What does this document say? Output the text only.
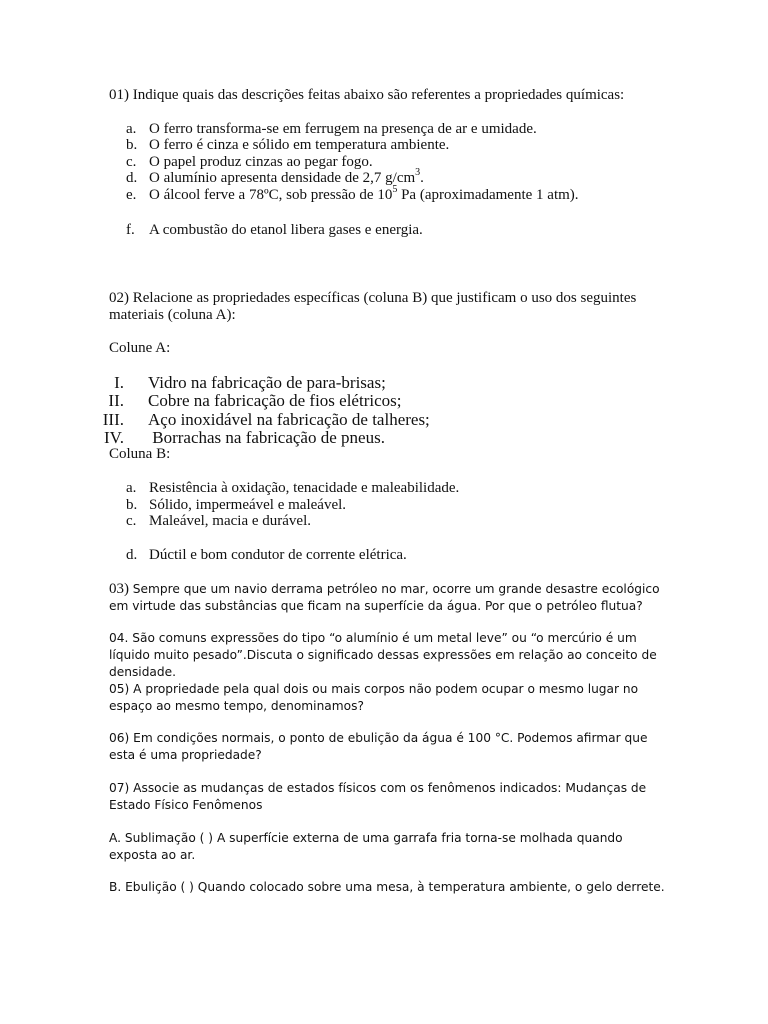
01) Indique quais das descrições feitas abaixo são referentes a propriedades químicas:
a. O ferro transforma-se em ferrugem na presença de ar e umidade.
b. O ferro é cinza e sólido em temperatura ambiente.
c. O papel produz cinzas ao pegar fogo.
d. O alumínio apresenta densidade de 2,7 $g/cm^3$.
e. O álcool ferve a 78ºC, sob pressão de $10^5$ Pa (aproximadamente 1 atm).
f. A combustão do etanol libera gases e energia.
02) Relacione as propriedades específicas (coluna B) que justificam o uso dos seguintes materiais (coluna A):
Colune A:
I. Vidro na fabricação de para-brisas;
II. Cobre na fabricação de fios elétricos;
III. Aço inoxidável na fabricação de talheres;
IV. Borrachas na fabricação de pneus.
Coluna B:
a. Resistência à oxidação, tenacidade e maleabilidade.
b. Sólido, impermeável e maleável.
c. Maleável, macia e durável.
d. Dúctil e bom condutor de corrente elétrica.
03) Sempre que um navio derrama petróleo no mar, ocorre um grande desastre ecológico em virtude das substâncias que ficam na superfície da água. Por que o petróleo flutua?
04. São comuns expressões do tipo “o alumínio é um metal leve” ou “o mercúrio é um líquido muito pesado”.Discuta o significado dessas expressões em relação ao conceito de densidade.
05) A propriedade pela qual dois ou mais corpos não podem ocupar o mesmo lugar no espaço ao mesmo tempo, denominamos?
06) Em condições normais, o ponto de ebulição da água é 100 °C. Podemos afirmar que esta é uma propriedade?
07) Associe as mudanças de estados físicos com os fenômenos indicados: Mudanças de Estado Físico Fenômenos
A. Sublimação ( ) A superfície externa de uma garrafa fria torna-se molhada quando exposta ao ar.
B. Ebulição ( ) Quando colocado sobre uma mesa, à temperatura ambiente, o gelo derrete.
